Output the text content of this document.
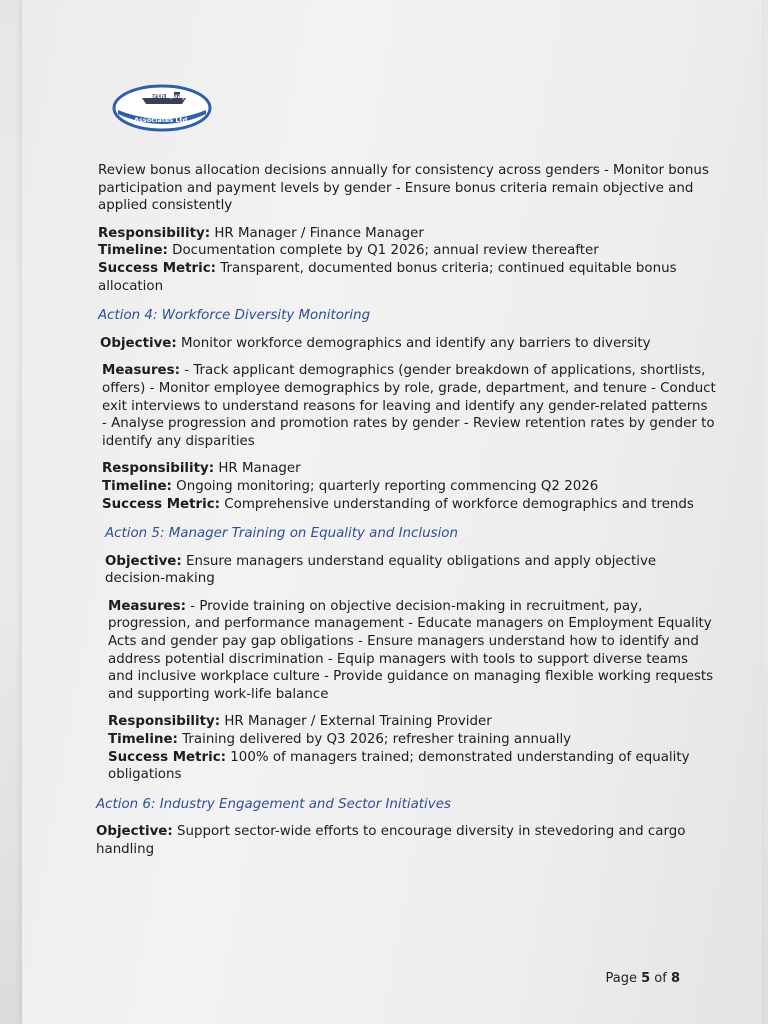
North Quay
Associates Ltd

Review bonus allocation decisions annually for consistency across genders - Monitor bonus participation and payment levels by gender - Ensure bonus criteria remain objective and applied consistently

Responsibility: HR Manager / Finance Manager

Timeline: Documentation complete by Q1 2026; annual review thereafter

Success Metric: Transparent, documented bonus criteria; continued equitable bonus allocation

Action 4: Workforce Diversity Monitoring

Objective: Monitor workforce demographics and identify any barriers to diversity

Measures: - Track applicant demographics (gender breakdown of applications, shortlists, offers) - Monitor employee demographics by role, grade, department, and tenure - Conduct exit interviews to understand reasons for leaving and identify any gender-related patterns - Analyse progression and promotion rates by gender - Review retention rates by gender to identify any disparities

Responsibility: HR Manager

Timeline: Ongoing monitoring; quarterly reporting commencing Q2 2026

Success Metric: Comprehensive understanding of workforce demographics and trends

Action 5: Manager Training on Equality and Inclusion

Objective: Ensure managers understand equality obligations and apply objective decision-making

Measures: - Provide training on objective decision-making in recruitment, pay, progression, and performance management - Educate managers on Employment Equality Acts and gender pay gap obligations - Ensure managers understand how to identify and address potential discrimination - Equip managers with tools to support diverse teams and inclusive workplace culture - Provide guidance on managing flexible working requests and supporting work-life balance

Responsibility: HR Manager / External Training Provider

Timeline: Training delivered by Q3 2026; refresher training annually

Success Metric: 100% of managers trained; demonstrated understanding of equality obligations

Action 6: Industry Engagement and Sector Initiatives

Objective: Support sector-wide efforts to encourage diversity in stevedoring and cargo handling

Page 5 of 8
